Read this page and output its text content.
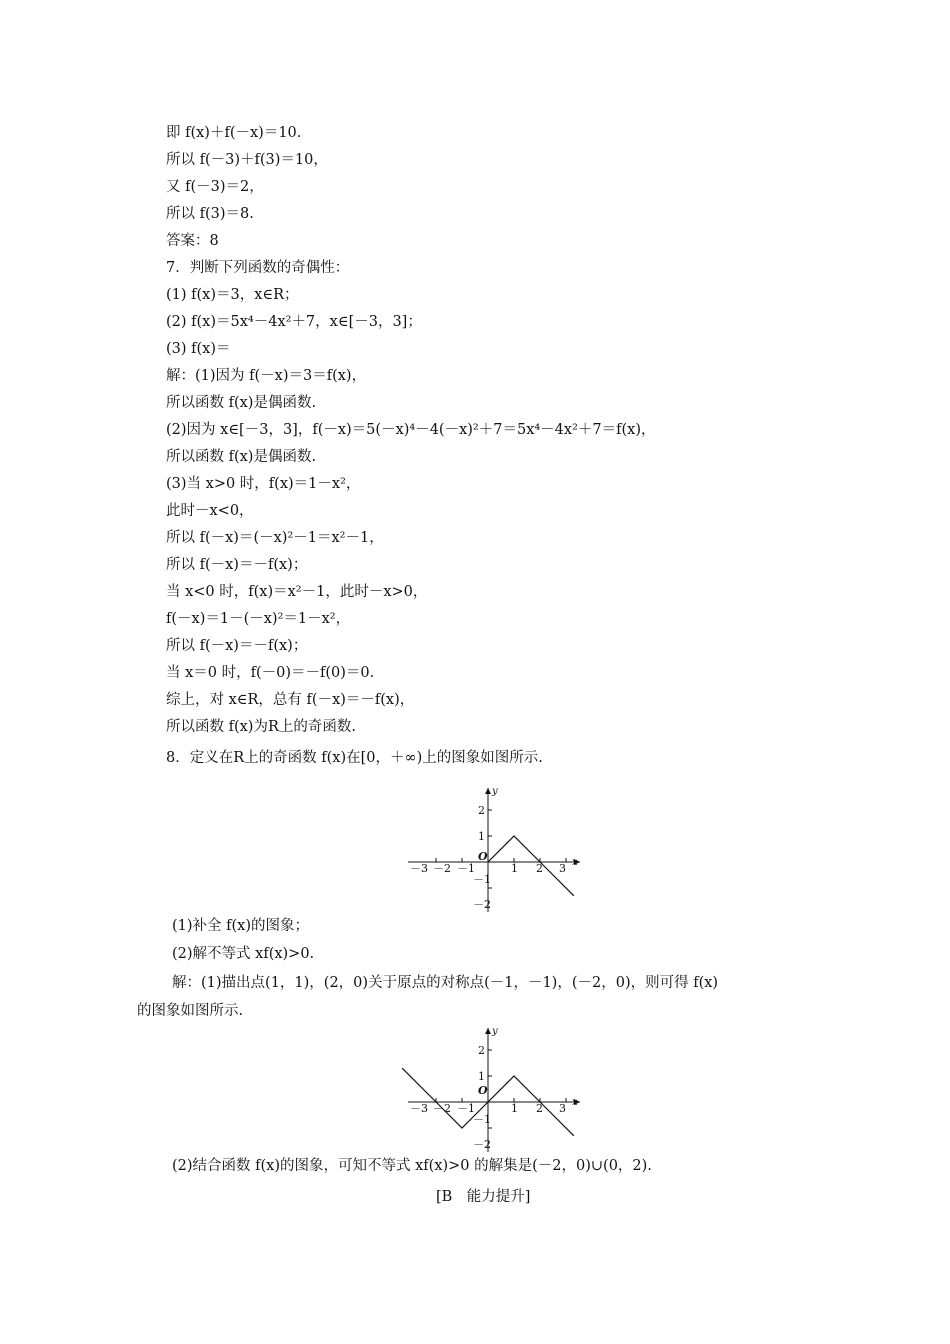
即 f(x)＋f(－x)＝10.
所以 f(－3)＋f(3)＝10，
又 f(－3)＝2，
所以 f(3)＝8.
答案：8
7．判断下列函数的奇偶性：
(1) f(x)＝3，x∈R；
(2) f(x)＝5x⁴－4x²＋7，x∈[－3，3]；
(3) f(x)＝
解：(1)因为 f(－x)＝3＝f(x)，
所以函数 f(x)是偶函数.
(2)因为 x∈[－3，3]，f(－x)＝5(－x)⁴－4(－x)²＋7＝5x⁴－4x²＋7＝f(x)，
所以函数 f(x)是偶函数.
(3)当 x>0 时，f(x)＝1－x²，
此时－x<0，
所以 f(－x)＝(－x)²－1＝x²－1，
所以 f(－x)＝－f(x)；
当 x<0 时，f(x)＝x²－1，此时－x>0，
f(－x)＝1－(－x)²＝1－x²，
所以 f(－x)＝－f(x)；
当 x＝0 时，f(－0)＝－f(0)＝0.
综上，对 x∈R，总有 f(－x)＝－f(x)，
所以函数 f(x)为R上的奇函数.
8．定义在R上的奇函数 f(x)在[0，＋∞)上的图象如图所示.
－3 －2 －1	1 2 3
2
1
－1
－2
O	x
y
(1)补全 f(x)的图象；
(2)解不等式 xf(x)>0.
解：(1)描出点(1，1)，(2，0)关于原点的对称点(－1，－1)，(－2，0)，则可得 f(x)
的图象如图所示.
－3 －2 －1	1 2 3
2
1
－1
－2
O
x
y
(2)结合函数 f(x)的图象，可知不等式 xf(x)>0 的解集是(－2，0)∪(0，2).
[B　能力提升]
